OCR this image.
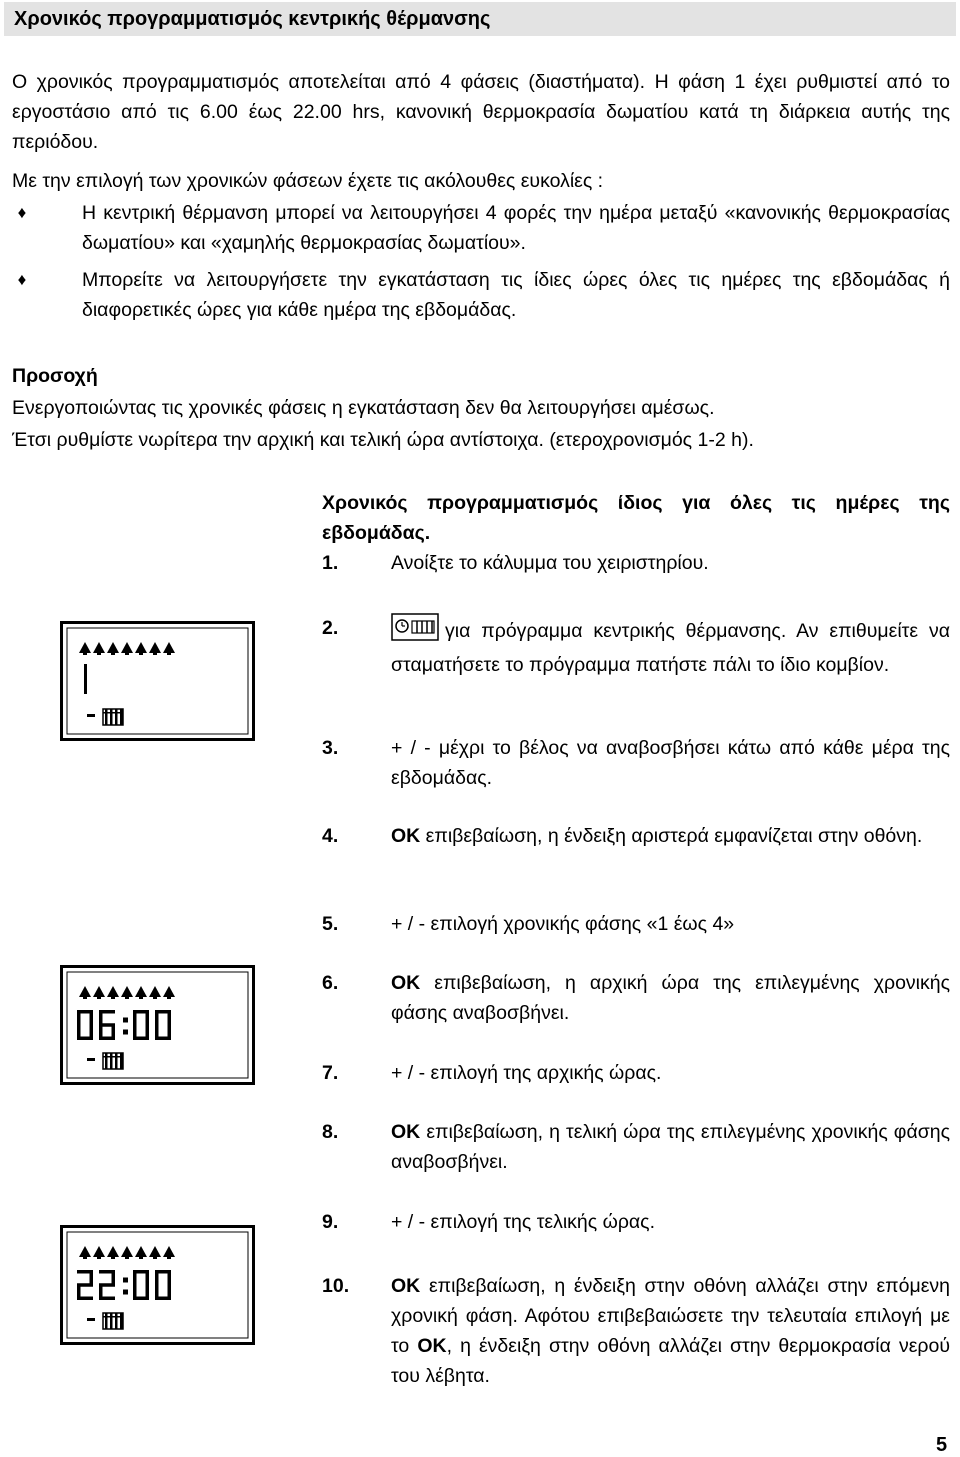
Χρονικός προγραμματισμός κεντρικής θέρμανσης
Ο χρονικός προγραμματισμός αποτελείται από 4 φάσεις (διαστήματα). Η φάση 1 έχει ρυθμιστεί από το εργοστάσιο από τις 6.00 έως 22.00 hrs, κανονική θερμοκρασία δωματίου κατά τη διάρκεια αυτής της περιόδου.
Με την επιλογή των χρονικών φάσεων έχετε τις ακόλουθες ευκολίες :
♦	Η κεντρική θέρμανση μπορεί να λειτουργήσει 4 φορές την ημέρα μεταξύ «κανονικής θερμοκρασίας δωματίου» και «χαμηλής θερμοκρασίας δωματίου».
♦	Μπορείτε να λειτουργήσετε την εγκατάσταση τις ίδιες ώρες όλες τις ημέρες της εβδομάδας ή διαφορετικές ώρες για κάθε ημέρα της εβδομάδας.
Προσοχή
Ενεργοποιώντας τις χρονικές φάσεις η εγκατάσταση δεν θα λειτουργήσει αμέσως.
Έτσι ρυθμίστε νωρίτερα την αρχική και τελική ώρα αντίστοιχα. (ετεροχρονισμός 1-2 h).
Χρονικός προγραμματισμός ίδιος για όλες τις ημέρες της εβδομάδας.
1.	Ανοίξτε το κάλυμμα του χειριστηρίου.
2.	για πρόγραμμα κεντρικής θέρμανσης. Αν επιθυμείτε να σταματήσετε το πρόγραμμα πατήστε πάλι το ίδιο κομβίον.
3.	+ / - μέχρι το βέλος να αναβοσβήσει κάτω από κάθε μέρα της εβδομάδας.
4.	OK επιβεβαίωση, η ένδειξη αριστερά εμφανίζεται στην οθόνη.
5.	+ / - επιλογή χρονικής φάσης «1 έως 4»
6.	OK επιβεβαίωση, η αρχική ώρα της επιλεγμένης χρονικής φάσης αναβοσβήνει.
7.	+ / - επιλογή της αρχικής ώρας.
8.	OK επιβεβαίωση, η τελική ώρα της επιλεγμένης χρονικής φάσης αναβοσβήνει.
9.	+ / - επιλογή της τελικής ώρας.
10. OK επιβεβαίωση, η ένδειξη στην οθόνη αλλάζει στην επόμενη χρονική φάση. Αφότου επιβεβαιώσετε την τελευταία επιλογή με το OK, η ένδειξη στην οθόνη αλλάζει στην θερμοκρασία νερού του λέβητα.
5
